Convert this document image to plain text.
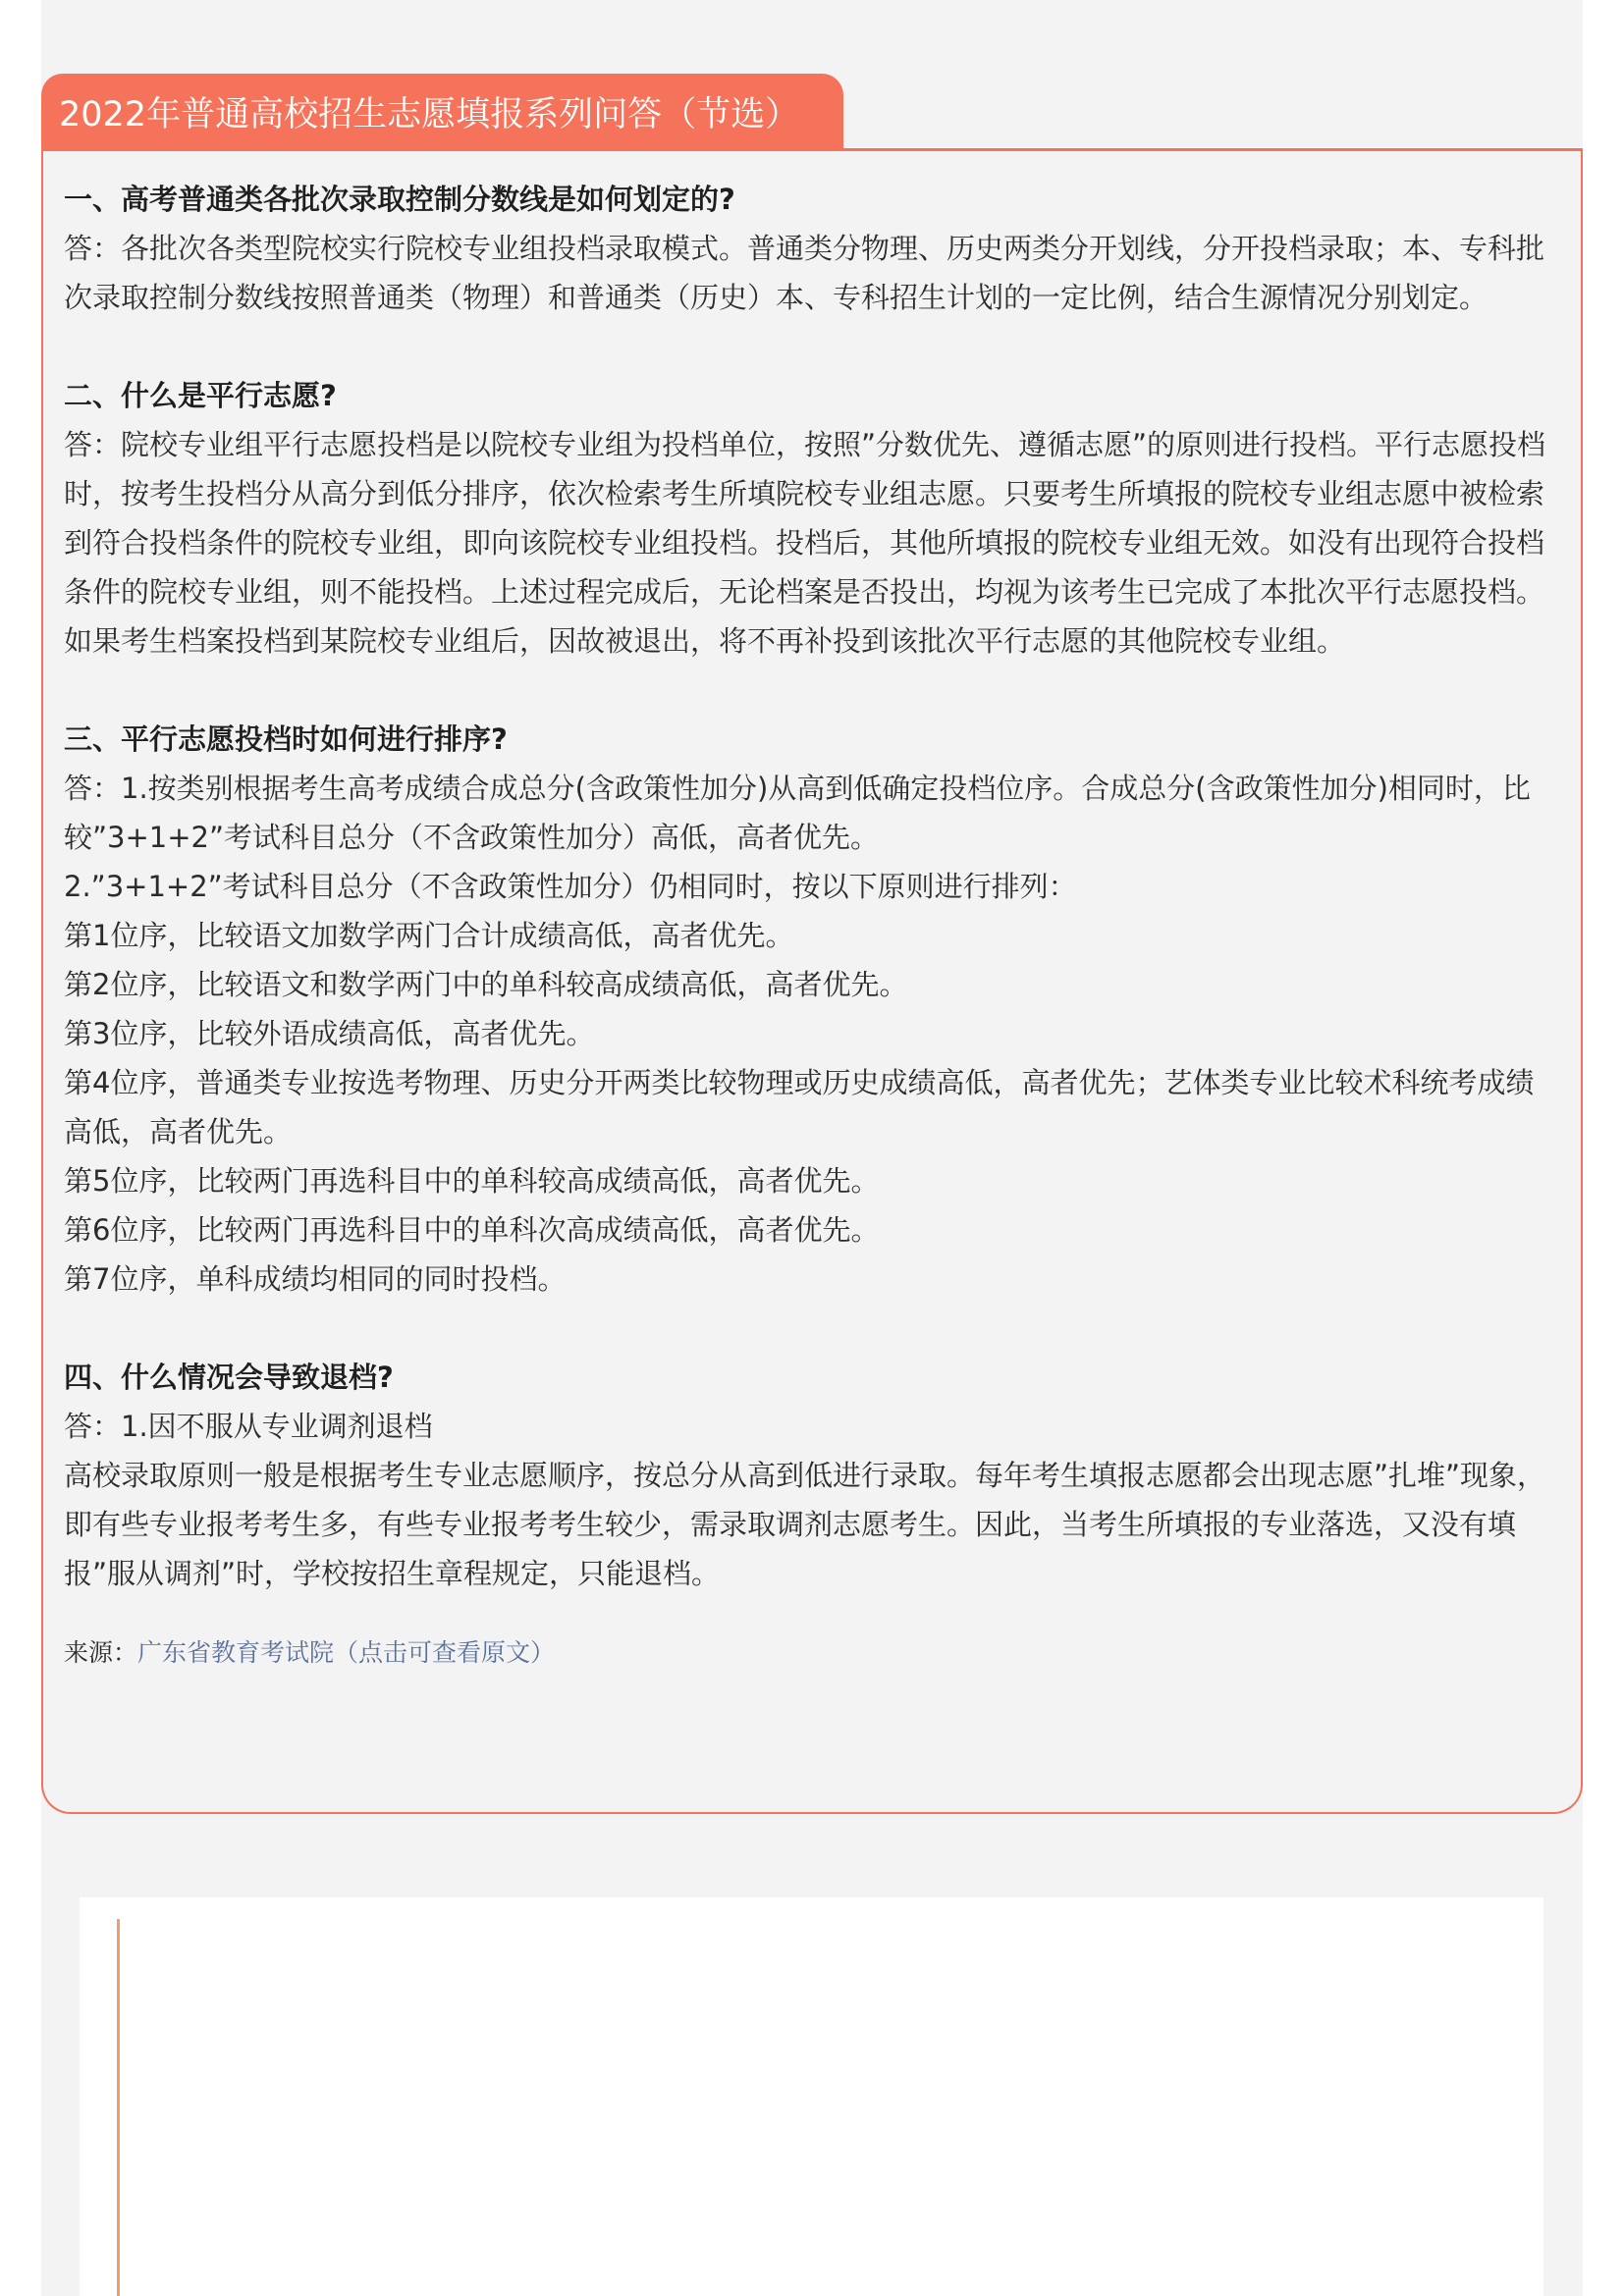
2022年普通高校招生志愿填报系列问答（节选）

一、高考普通类各批次录取控制分数线是如何划定的?

答：各批次各类型院校实行院校专业组投档录取模式。普通类分物理、历史两类分开划线，分开投档录取；本、专科批次录取控制分数线按照普通类（物理）和普通类（历史）本、专科招生计划的一定比例，结合生源情况分别划定。

二、什么是平行志愿?

答：院校专业组平行志愿投档是以院校专业组为投档单位，按照”分数优先、遵循志愿”的原则进行投档。平行志愿投档时，按考生投档分从高分到低分排序，依次检索考生所填院校专业组志愿。只要考生所填报的院校专业组志愿中被检索到符合投档条件的院校专业组，即向该院校专业组投档。投档后，其他所填报的院校专业组无效。如没有出现符合投档条件的院校专业组，则不能投档。上述过程完成后，无论档案是否投出，均视为该考生已完成了本批次平行志愿投档。如果考生档案投档到某院校专业组后，因故被退出，将不再补投到该批次平行志愿的其他院校专业组。

三、平行志愿投档时如何进行排序?

答：1.按类别根据考生高考成绩合成总分(含政策性加分)从高到低确定投档位序。合成总分(含政策性加分)相同时，比较”3+1+2”考试科目总分（不含政策性加分）高低，高者优先。

2.”3+1+2”考试科目总分（不含政策性加分）仍相同时，按以下原则进行排列：

第1位序，比较语文加数学两门合计成绩高低，高者优先。

第2位序，比较语文和数学两门中的单科较高成绩高低，高者优先。

第3位序，比较外语成绩高低，高者优先。

第4位序，普通类专业按选考物理、历史分开两类比较物理或历史成绩高低，高者优先；艺体类专业比较术科统考成绩高低，高者优先。

第5位序，比较两门再选科目中的单科较高成绩高低，高者优先。

第6位序，比较两门再选科目中的单科次高成绩高低，高者优先。

第7位序，单科成绩均相同的同时投档。

四、什么情况会导致退档?

答：1.因不服从专业调剂退档

高校录取原则一般是根据考生专业志愿顺序，按总分从高到低进行录取。每年考生填报志愿都会出现志愿”扎堆”现象，即有些专业报考考生多，有些专业报考考生较少，需录取调剂志愿考生。因此，当考生所填报的专业落选，又没有填报”服从调剂”时，学校按招生章程规定，只能退档。

来源：广东省教育考试院（点击可查看原文）
